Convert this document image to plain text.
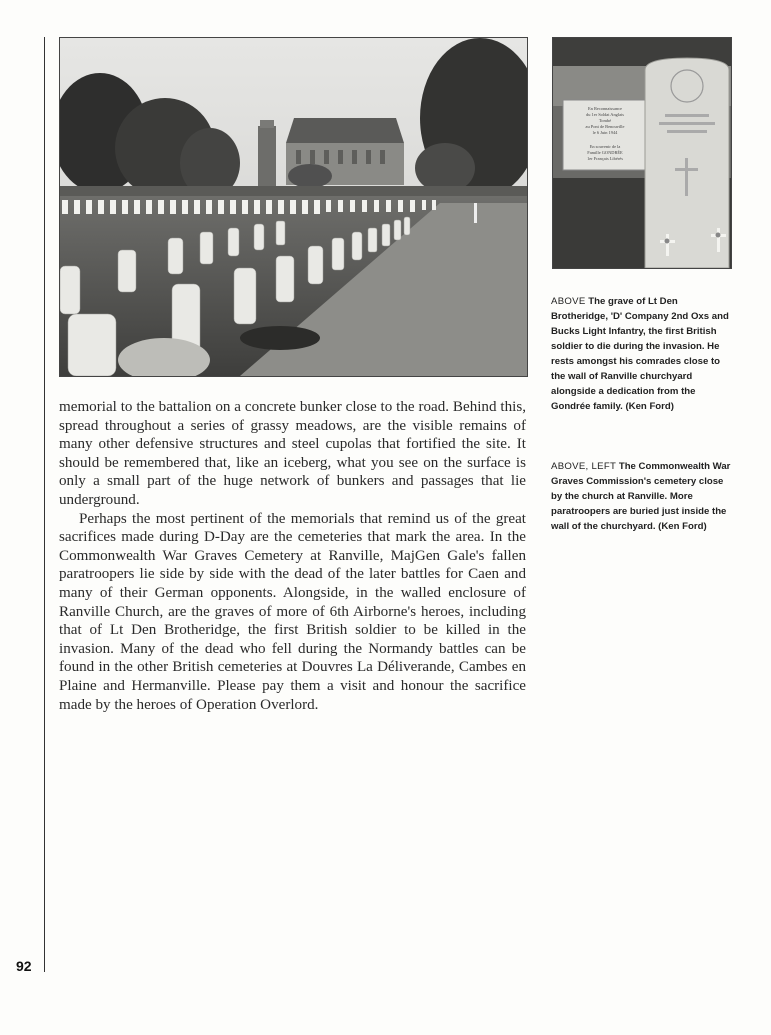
En Reconnaissance
du 1er Soldat Anglais
Tombé
au Pont de Benouville
le 6 Juin 1944
En souvenir de la
Famille GONDRÉE
1er Français Libérés
ABOVE The grave of Lt Den Brotheridge, 'D' Company 2nd Oxs and Bucks Light Infantry, the first British soldier to die during the invasion. He rests amongst his comrades close to the wall of Ranville churchyard alongside a dedication from the Gondrée family. (Ken Ford)
ABOVE, LEFT The Commonwealth War Graves Commission's cemetery close by the church at Ranville. More paratroopers are buried just inside the wall of the churchyard. (Ken Ford)

memorial to the battalion on a concrete bunker close to the road. Behind this, spread throughout a series of grassy meadows, are the visible remains of many other defensive structures and steel cupolas that fortified the site. It should be remembered that, like an iceberg, what you see on the surface is only a small part of the huge network of bunkers and passages that lie underground.

Perhaps the most pertinent of the memorials that remind us of the great sacrifices made during D-Day are the cemeteries that mark the area. In the Commonwealth War Graves Cemetery at Ranville, MajGen Gale's fallen paratroopers lie side by side with the dead of the later battles for Caen and many of their German opponents. Alongside, in the walled enclosure of Ranville Church, are the graves of more of 6th Airborne's heroes, including that of Lt Den Brotheridge, the first British soldier to be killed in the invasion. Many of the dead who fell during the Normandy battles can be found in the other British cemeteries at Douvres La Déliverande, Cambes en Plaine and Hermanville. Please pay them a visit and honour the sacrifice made by the heroes of Operation Overlord.

92
